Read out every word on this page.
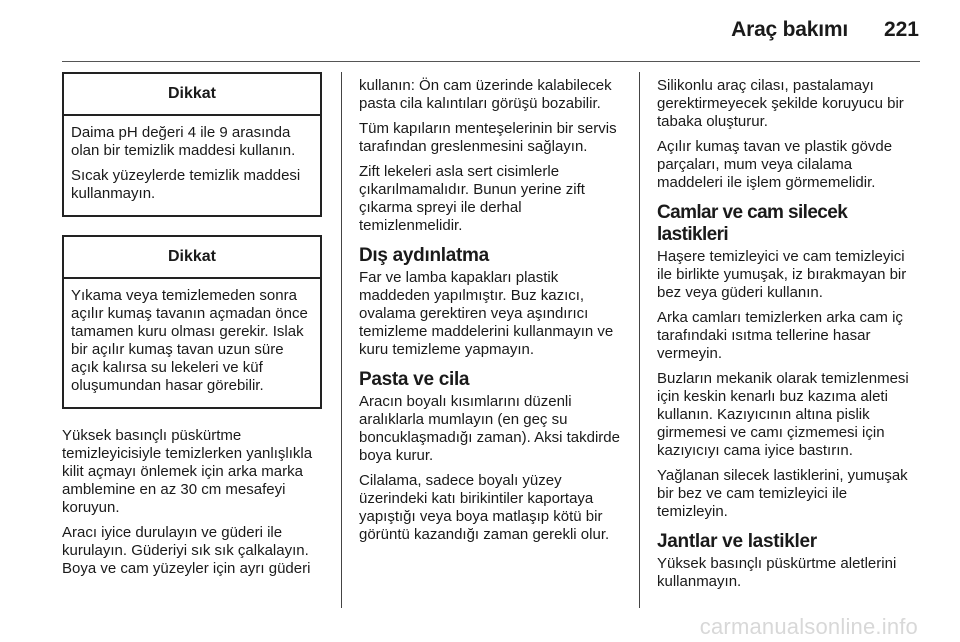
Araç bakımı 221
Dikkat

Daima pH değeri 4 ile 9 arasında olan bir temizlik maddesi kullanın.

Sıcak yüzeylerde temizlik maddesi kullanmayın.

Dikkat

Yıkama veya temizlemeden sonra açılır kumaş tavanın açmadan önce tamamen kuru olması gerekir. Islak bir açılır kumaş tavan uzun süre açık kalırsa su lekeleri ve küf oluşumundan hasar görebilir.

Yüksek basınçlı püskürtme temizleyicisiyle temizlerken yanlışlıkla kilit açmayı önlemek için arka marka amblemine en az 30 cm mesafeyi koruyun.

Aracı iyice durulayın ve güderi ile kurulayın. Güderiyi sık sık çalkalayın. Boya ve cam yüzeyler için ayrı güderi

kullanın: Ön cam üzerinde kalabilecek pasta cila kalıntıları görüşü bozabilir.

Tüm kapıların menteşelerinin bir servis tarafından greslenmesini sağlayın.

Zift lekeleri asla sert cisimlerle çıkarılmamalıdır. Bunun yerine zift çıkarma spreyi ile derhal temizlenmelidir.

Dış aydınlatma

Far ve lamba kapakları plastik maddeden yapılmıştır. Buz kazıcı, ovalama gerektiren veya aşındırıcı temizleme maddelerini kullanmayın ve kuru temizleme yapmayın.

Pasta ve cila

Aracın boyalı kısımlarını düzenli aralıklarla mumlayın (en geç su boncuklaşmadığı zaman). Aksi takdirde boya kurur.

Cilalama, sadece boyalı yüzey üzerindeki katı birikintiler kaportaya yapıştığı veya boya matlaşıp kötü bir görüntü kazandığı zaman gerekli olur.

Silikonlu araç cilası, pastalamayı gerektirmeyecek şekilde koruyucu bir tabaka oluşturur.

Açılır kumaş tavan ve plastik gövde parçaları, mum veya cilalama maddeleri ile işlem görmemelidir.

Camlar ve cam silecek lastikleri

Haşere temizleyici ve cam temizleyici ile birlikte yumuşak, iz bırakmayan bir bez veya güderi kullanın.

Arka camları temizlerken arka cam iç tarafındaki ısıtma tellerine hasar vermeyin.

Buzların mekanik olarak temizlenmesi için keskin kenarlı buz kazıma aleti kullanın. Kazıyıcının altına pislik girmemesi ve camı çizmemesi için kazıyıcıyı cama iyice bastırın.

Yağlanan silecek lastiklerini, yumuşak bir bez ve cam temizleyici ile temizleyin.

Jantlar ve lastikler

Yüksek basınçlı püskürtme aletlerini kullanmayın.

carmanualsonline.info
